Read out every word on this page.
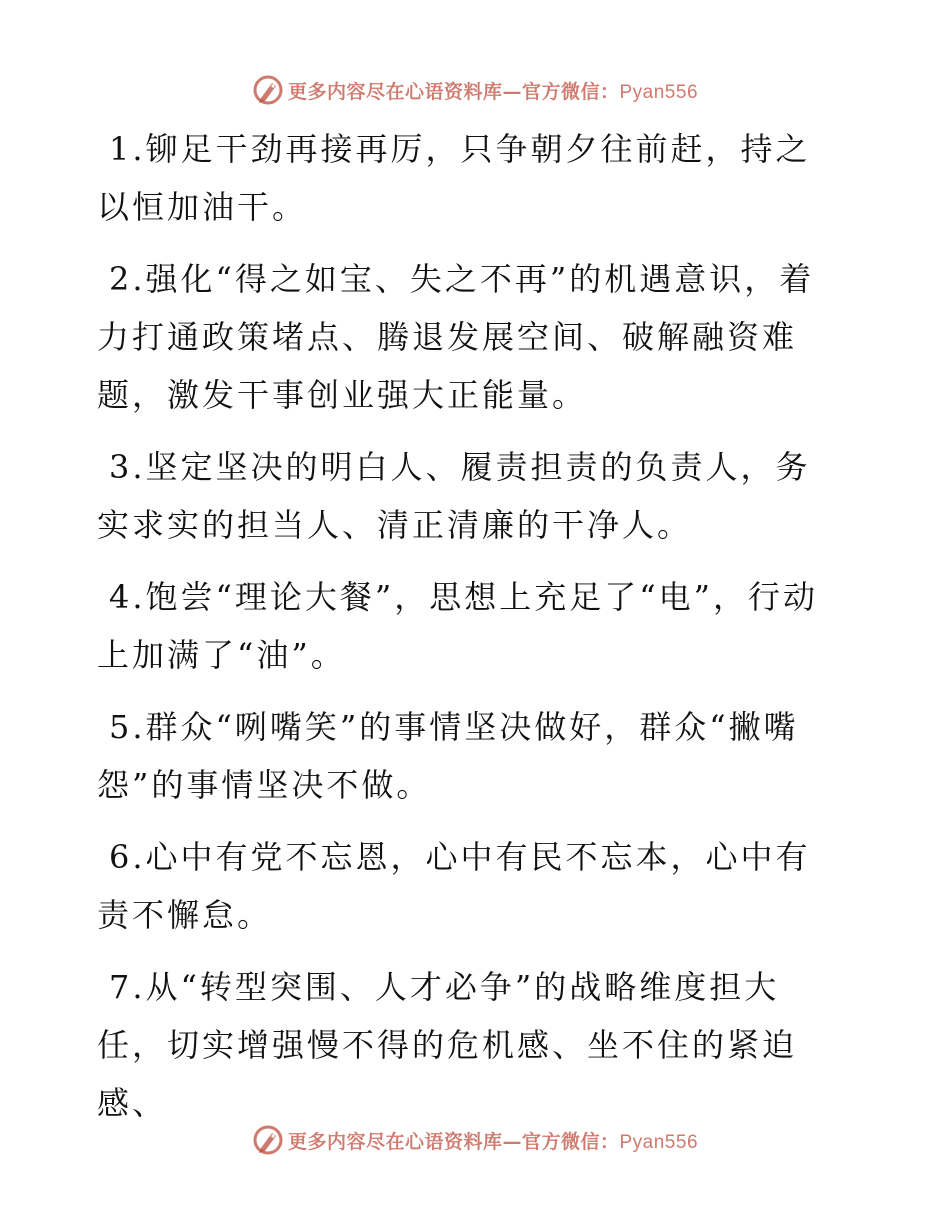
更多内容尽在心语资料库—官方微信：Pyan556

1.铆足干劲再接再厉，只争朝夕往前赶，持之以恒加油干。

2.强化“得之如宝、失之不再”的机遇意识，着力打通政策堵点、腾退发展空间、破解融资难题，激发干事创业强大正能量。

3.坚定坚决的明白人、履责担责的负责人，务实求实的担当人、清正清廉的干净人。

4.饱尝“理论大餐”，思想上充足了“电”，行动上加满了“油”。

5.群众“咧嘴笑”的事情坚决做好，群众“撇嘴怨”的事情坚决不做。

6.心中有党不忘恩，心中有民不忘本，心中有责不懈怠。

7.从“转型突围、人才必争”的战略维度担大任，切实增强慢不得的危机感、坐不住的紧迫感、

更多内容尽在心语资料库—官方微信：Pyan556
